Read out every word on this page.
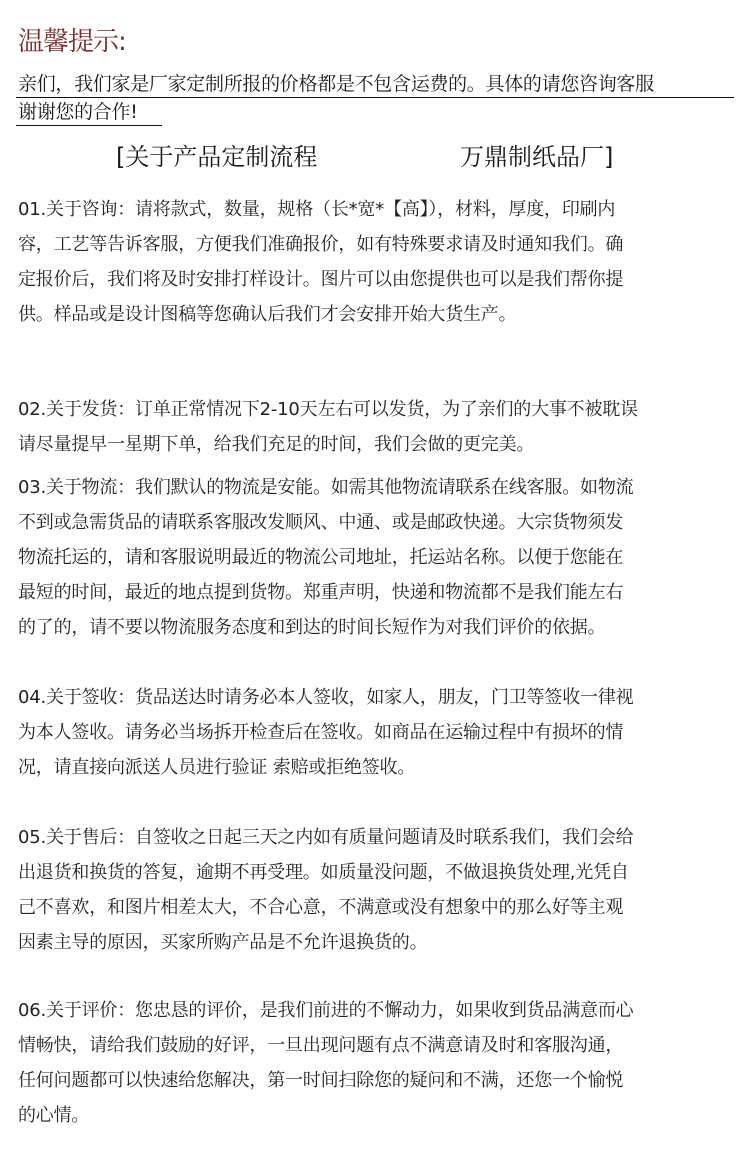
温馨提示:
亲们，我们家是厂家定制所报的价格都是不包含运费的。具体的请您咨询客服
谢谢您的合作!
[关于产品定制流程	万鼎制纸品厂]
01.关于咨询：请将款式，数量，规格（长*宽*【高】），材料，厚度，印刷内
容，工艺等告诉客服，方便我们准确报价，如有特殊要求请及时通知我们。确
定报价后，我们将及时安排打样设计。图片可以由您提供也可以是我们帮你提
供。样品或是设计图稿等您确认后我们才会安排开始大货生产。
02.关于发货：订单正常情况下2-10天左右可以发货，为了亲们的大事不被耽误
请尽量提早一星期下单，给我们充足的时间，我们会做的更完美。
03.关于物流：我们默认的物流是安能。如需其他物流请联系在线客服。如物流
不到或急需货品的请联系客服改发顺风、中通、或是邮政快递。大宗货物须发
物流托运的，请和客服说明最近的物流公司地址，托运站名称。以便于您能在
最短的时间，最近的地点提到货物。郑重声明，快递和物流都不是我们能左右
的了的，请不要以物流服务态度和到达的时间长短作为对我们评价的依据。
04.关于签收：货品送达时请务必本人签收，如家人，朋友，门卫等签收一律视
为本人签收。请务必当场拆开检查后在签收。如商品在运输过程中有损坏的情
况，请直接向派送人员进行验证 索赔或拒绝签收。
05.关于售后：自签收之日起三天之内如有质量问题请及时联系我们，我们会给
出退货和换货的答复，逾期不再受理。如质量没问题，不做退换货处理,光凭自
己不喜欢，和图片相差太大，不合心意，不满意或没有想象中的那么好等主观
因素主导的原因，买家所购产品是不允许退换货的。
06.关于评价：您忠恳的评价，是我们前进的不懈动力，如果收到货品满意而心
情畅快，请给我们鼓励的好评，一旦出现问题有点不满意请及时和客服沟通，
任何问题都可以快速给您解决，第一时间扫除您的疑问和不满，还您一个愉悦
的心情。
